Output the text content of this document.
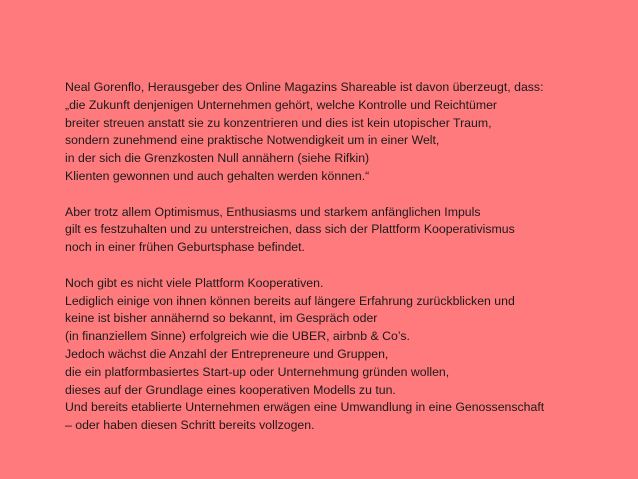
Neal Gorenflo, Herausgeber des Online Magazins Shareable ist davon überzeugt, dass:
„die Zukunft denjenigen Unternehmen gehört, welche Kontrolle und Reichtümer
breiter streuen anstatt sie zu konzentrieren und dies ist kein utopischer Traum,
sondern zunehmend eine praktische Notwendigkeit um in einer Welt,
in der sich die Grenzkosten Null annähern (siehe Rifkin)
Klienten gewonnen und auch gehalten werden können.“

Aber trotz allem Optimismus, Enthusiasms und starkem anfänglichen Impuls
gilt es festzuhalten und zu unterstreichen, dass sich der Plattform Kooperativismus
noch in einer frühen Geburtsphase befindet.

Noch gibt es nicht viele Plattform Kooperativen.
Lediglich einige von ihnen können bereits auf längere Erfahrung zurückblicken und
keine ist bisher annähernd so bekannt, im Gespräch oder
(in finanziellem Sinne) erfolgreich wie die UBER, airbnb & Co’s.
Jedoch wächst die Anzahl der Entrepreneure und Gruppen,
die ein platformbasiertes Start-up oder Unternehmung gründen wollen,
dieses auf der Grundlage eines kooperativen Modells zu tun.
Und bereits etablierte Unternehmen erwägen eine Umwandlung in eine Genossenschaft
– oder haben diesen Schritt bereits vollzogen.
